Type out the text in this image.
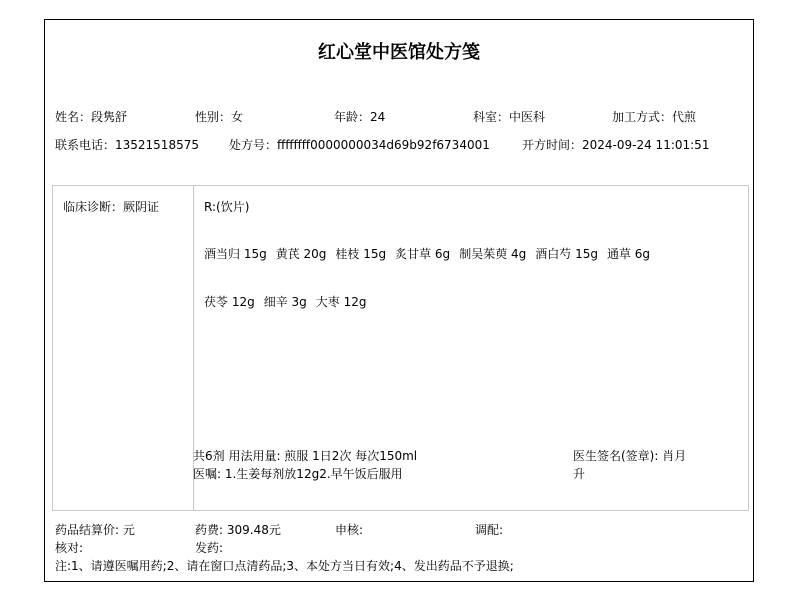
红心堂中医馆处方笺
姓名：段隽舒	性别：女	年龄：24	科室：中医科	加工方式：代煎
联系电话：13521518575	处方号：ffffffff0000000034d69b92f6734001	开方时间：2024-09-24 11:01:51
临床诊断：厥阴证	R:(饮片)
酒当归 15g 黄芪 20g 桂枝 15g 炙甘草 6g 制吴茱萸 4g 酒白芍 15g 通草 6g
茯苓 12g 细辛 3g 大枣 12g
共6剂 用法用量: 煎服 1日2次 每次150ml
医嘱: 1.生姜每剂放12g2.早午饭后服用
医生签名(签章): 肖月升
药品结算价: 元	药费: 309.48元	申核:	调配:
核对:	发药:
注:1、请遵医嘱用药;2、请在窗口点清药品;3、本处方当日有效;4、发出药品不予退换;
